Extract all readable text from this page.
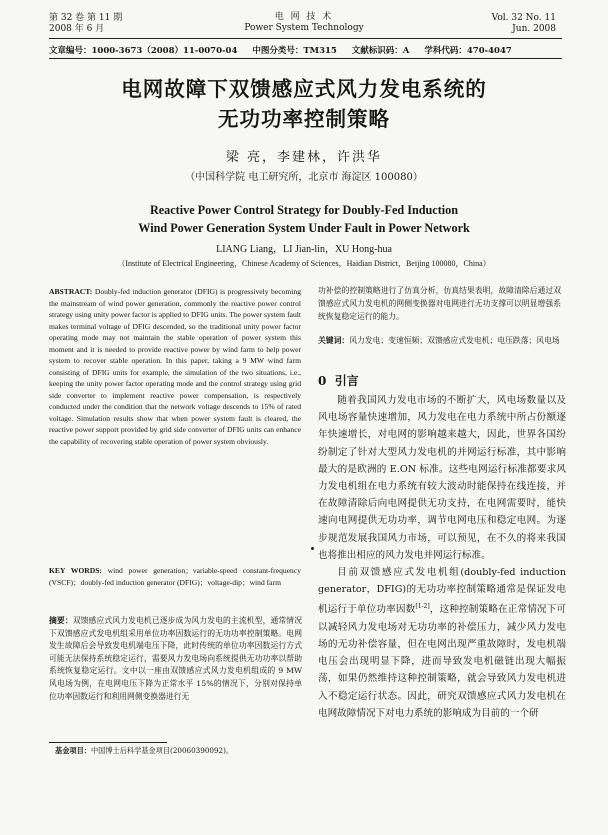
第 32 卷 第 11 期
2008 年 6 月
电 网 技 术
Power System Technology
Vol. 32 No. 11
Jun. 2008
文章编号：1000-3673（2008）11-0070-04 中图分类号：TM315 文献标识码：A 学科代码：470-4047
电网故障下双馈感应式风力发电系统的
无功功率控制策略
梁 亮，李建林，许洪华
（中国科学院 电工研究所，北京市 海淀区 100080）
Reactive Power Control Strategy for Doubly-Fed Induction
Wind Power Generation System Under Fault in Power Network
LIANG Liang，LI Jian-lin，XU Hong-hua
（Institute of Electrical Engineering，Chinese Academy of Sciences，Haidian District，Beijing 100080，China）
ABSTRACT: Doubly-fed induction generator (DFIG) is progressively becoming the mainstream of wind power generation, commonly the reactive power control strategy using unity power factor is applied to DFIG units. The power system fault makes terminal voltage of DFIG descended, so the traditional unity power factor operating mode may not maintain the stable operation of power system this moment and it is needed to provide reactive power by wind farm to help power system to recover stable operation. In this paper, taking a 9 MW wind farm consisting of DFIG units for example, the simulation of the two situations, i.e., keeping the unity power factor operating mode and the control strategy using grid side converter to implement reactive power compensation, is respectively conducted under the condition that the network voltage descends to 15% of rated voltage. Simulation results show that when power system fault is cleared, the reactive power support provided by grid side converter of DFIG units can enhance the capability of recovering stable operation of power system obviously.
KEY WORDS: wind power generation；variable-speed constant-frequency (VSCF)；doubly-fed induction generator (DFIG)；voltage-dip；wind farm
摘要：双馈感应式风力发电机已逐步成为风力发电的主流机型，通常情况下双馈感应式发电机组采用单位功率因数运行的无功功率控制策略。电网发生故障后会导致发电机端电压下降，此时传统的单位功率因数运行方式可能无法保持系统稳定运行，需要风力发电场向系统提供无功功率以帮助系统恢复稳定运行。文中以一座由双馈感应式风力发电机组成的 9 MW 风电场为例，在电网电压下降为正常水平 15%的情况下，分别对保持单位功率因数运行和利用网侧变换器进行无
基金项目：中国博士后科学基金项目(20060390092)。
功补偿的控制策略进行了仿真分析，仿真结果表明，故障清除后通过双馈感应式风力发电机的网侧变换器对电网进行无功支撑可以明显增强系统恢复稳定运行的能力。
关键词：风力发电；变速恒频；双馈感应式发电机；电压跌落；风电场
0 引言

随着我国风力发电市场的不断扩大，风电场数量以及风电场容量快速增加，风力发电在电力系统中所占份额逐年快速增长，对电网的影响越来越大，因此，世界各国纷纷制定了针对大型风力发电机的并网运行标准，其中影响最大的是欧洲的 E.ON 标准。这些电网运行标准都要求风力发电机组在电力系统有较大波动时能保持在线连接，并在故障清除后向电网提供无功支持，在电网需要时，能快速向电网提供无功功率，调节电网电压和稳定电网。为逐步规范发展我国风力市场，可以预见，在不久的将来我国也将推出相应的风力发电并网运行标准。

目前双馈感应式发电机组(doubly-fed induction generator，DFIG)的无功功率控制策略通常是保证发电机运行于单位功率因数[1-2]，这种控制策略在正常情况下可以减轻风力发电场对无功功率的补偿压力，减少风力发电场的无功补偿容量，但在电网出现严重故障时，发电机端电压会出现明显下降，进而导致发电机磁链出现大幅振荡，如果仍然维持这种控制策略，就会导致风力发电机进入不稳定运行状态。因此，研究双馈感应式风力发电机在电网故障情况下对电力系统的影响成为目前的一个研
